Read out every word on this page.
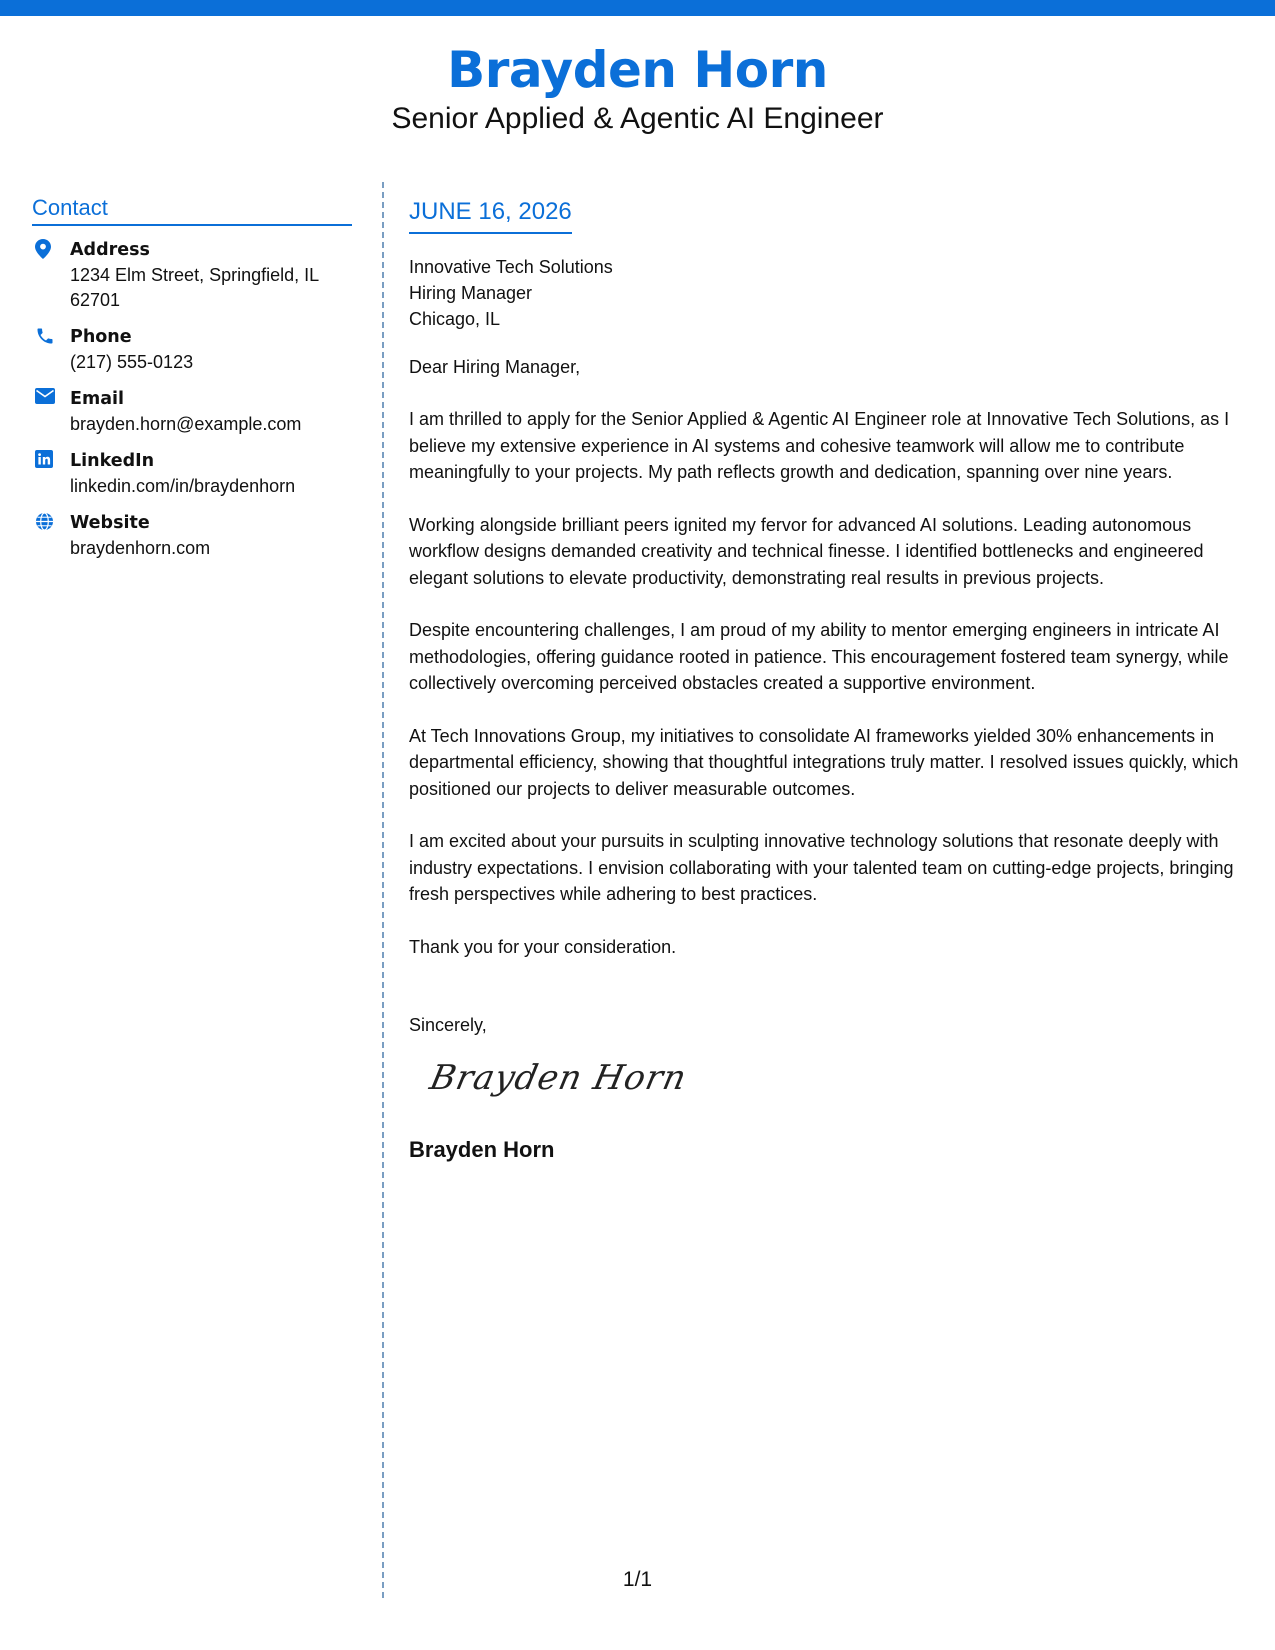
Brayden Horn
Senior Applied & Agentic AI Engineer
Contact
Address
1234 Elm Street, Springfield, IL 62701
Phone
(217) 555-0123
Email
brayden.horn@example.com
LinkedIn
linkedin.com/in/braydenhorn
Website
braydenhorn.com
JUNE 16, 2026
Innovative Tech Solutions
Hiring Manager
Chicago, IL

Dear Hiring Manager,

I am thrilled to apply for the Senior Applied & Agentic AI Engineer role at Innovative Tech Solutions, as I believe my extensive experience in AI systems and cohesive teamwork will allow me to contribute meaningfully to your projects. My path reflects growth and dedication, spanning over nine years.

Working alongside brilliant peers ignited my fervor for advanced AI solutions. Leading autonomous workflow designs demanded creativity and technical finesse. I identified bottlenecks and engineered elegant solutions to elevate productivity, demonstrating real results in previous projects.

Despite encountering challenges, I am proud of my ability to mentor emerging engineers in intricate AI methodologies, offering guidance rooted in patience. This encouragement fostered team synergy, while collectively overcoming perceived obstacles created a supportive environment.

At Tech Innovations Group, my initiatives to consolidate AI frameworks yielded 30% enhancements in departmental efficiency, showing that thoughtful integrations truly matter. I resolved issues quickly, which positioned our projects to deliver measurable outcomes.

I am excited about your pursuits in sculpting innovative technology solutions that resonate deeply with industry expectations. I envision collaborating with your talented team on cutting-edge projects, bringing fresh perspectives while adhering to best practices.

Thank you for your consideration.

Sincerely,

Brayden Horn
Brayden Horn
1/1
